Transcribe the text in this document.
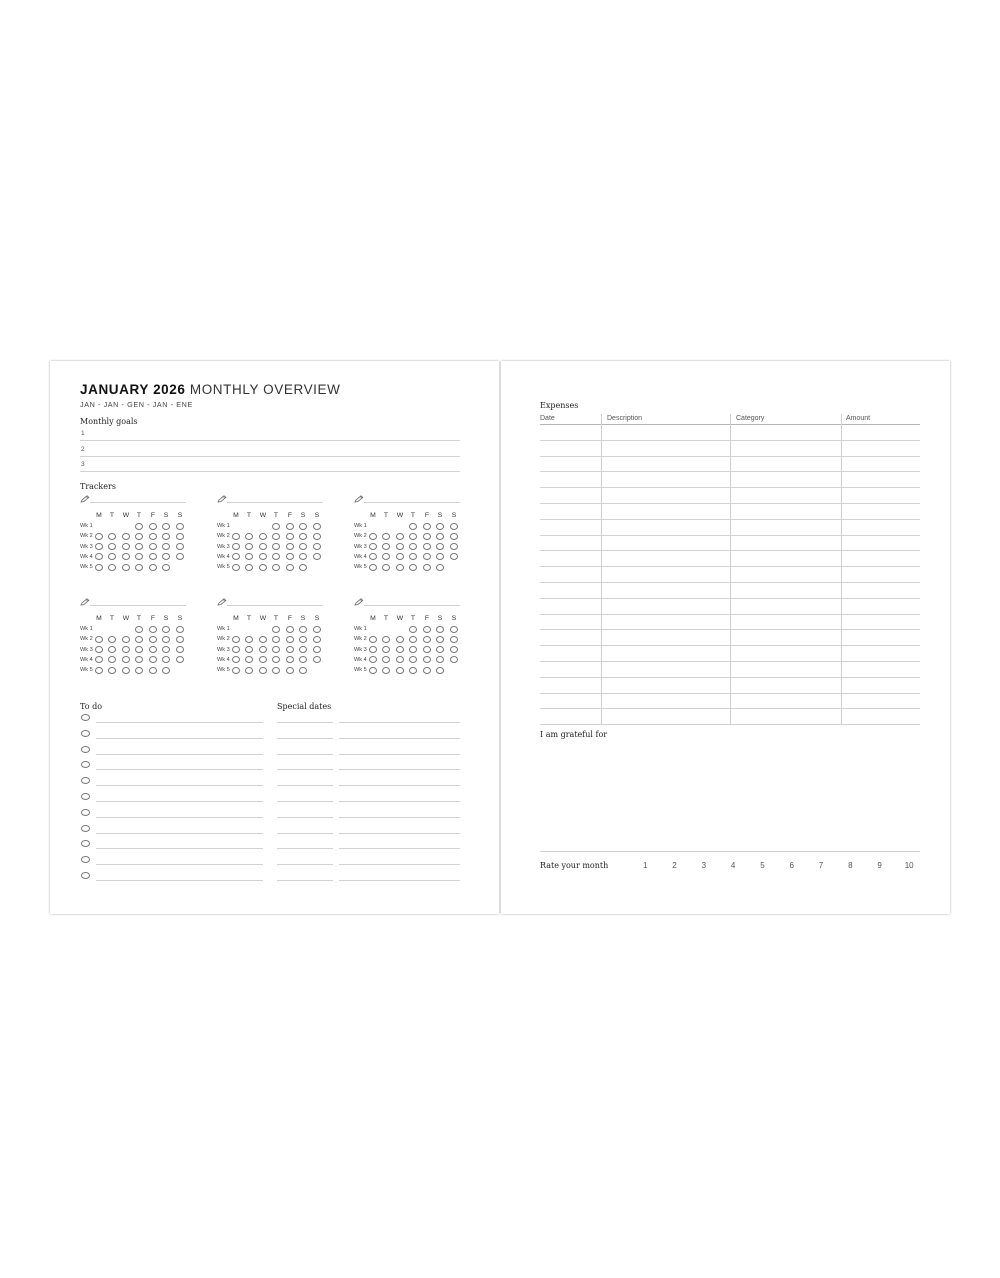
JANUARY 2026 MONTHLY OVERVIEW
JAN - JAN - GEN - JAN - ENE
Monthly goals
1
2
3
Trackers
M	T	W	T	F	S	S
Wk 1
Wk 2
Wk 3
Wk 4
Wk 5
M	T	W	T	F	S	S
Wk 1
Wk 2
Wk 3
Wk 4
Wk 5
M	T	W	T	F	S	S
Wk 1
Wk 2
Wk 3
Wk 4
Wk 5
M	T	W	T	F	S	S
Wk 1
Wk 2
Wk 3
Wk 4
Wk 5
M	T	W	T	F	S	S
Wk 1
Wk 2
Wk 3
Wk 4
Wk 5
M	T	W	T	F	S	S
Wk 1
Wk 2
Wk 3
Wk 4
Wk 5
To do	Special dates
Expenses
Date	Description	Category	Amount
I am grateful for
Rate your month	1	2	3	4	5	6	7	8	9	10
